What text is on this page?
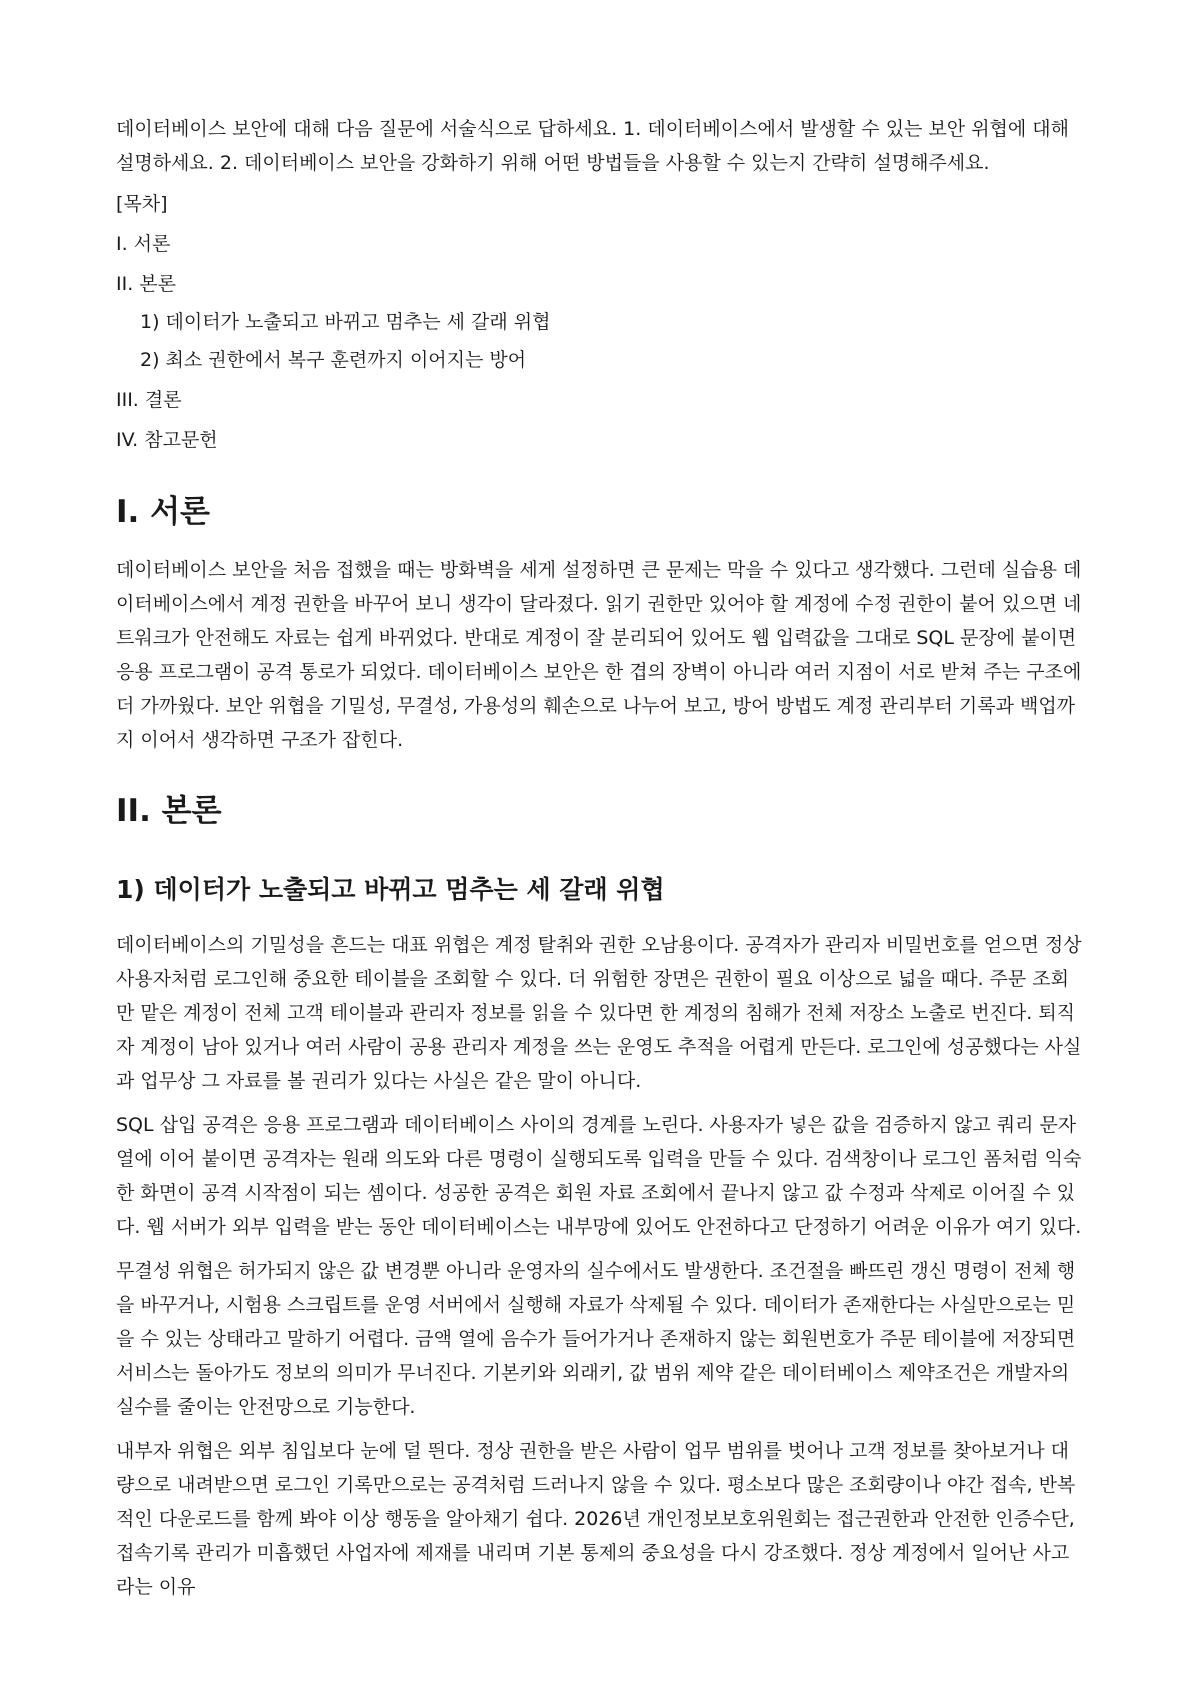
데이터베이스 보안에 대해 다음 질문에 서술식으로 답하세요. 1. 데이터베이스에서 발생할 수 있는 보안 위협에 대해 설명하세요. 2. 데이터베이스 보안을 강화하기 위해 어떤 방법들을 사용할 수 있는지 간략히 설명해주세요.

[목차]

I. 서론

II. 본론

1) 데이터가 노출되고 바뀌고 멈추는 세 갈래 위협

2) 최소 권한에서 복구 훈련까지 이어지는 방어

III. 결론

IV. 참고문헌

I. 서론

데이터베이스 보안을 처음 접했을 때는 방화벽을 세게 설정하면 큰 문제는 막을 수 있다고 생각했다. 그런데 실습용 데이터베이스에서 계정 권한을 바꾸어 보니 생각이 달라졌다. 읽기 권한만 있어야 할 계정에 수정 권한이 붙어 있으면 네트워크가 안전해도 자료는 쉽게 바뀌었다. 반대로 계정이 잘 분리되어 있어도 웹 입력값을 그대로 SQL 문장에 붙이면 응용 프로그램이 공격 통로가 되었다. 데이터베이스 보안은 한 겹의 장벽이 아니라 여러 지점이 서로 받쳐 주는 구조에 더 가까웠다. 보안 위협을 기밀성, 무결성, 가용성의 훼손으로 나누어 보고, 방어 방법도 계정 관리부터 기록과 백업까지 이어서 생각하면 구조가 잡힌다.

II. 본론
1) 데이터가 노출되고 바뀌고 멈추는 세 갈래 위협

데이터베이스의 기밀성을 흔드는 대표 위협은 계정 탈취와 권한 오남용이다. 공격자가 관리자 비밀번호를 얻으면 정상 사용자처럼 로그인해 중요한 테이블을 조회할 수 있다. 더 위험한 장면은 권한이 필요 이상으로 넓을 때다. 주문 조회만 맡은 계정이 전체 고객 테이블과 관리자 정보를 읽을 수 있다면 한 계정의 침해가 전체 저장소 노출로 번진다. 퇴직자 계정이 남아 있거나 여러 사람이 공용 관리자 계정을 쓰는 운영도 추적을 어렵게 만든다. 로그인에 성공했다는 사실과 업무상 그 자료를 볼 권리가 있다는 사실은 같은 말이 아니다.

SQL 삽입 공격은 응용 프로그램과 데이터베이스 사이의 경계를 노린다. 사용자가 넣은 값을 검증하지 않고 쿼리 문자열에 이어 붙이면 공격자는 원래 의도와 다른 명령이 실행되도록 입력을 만들 수 있다. 검색창이나 로그인 폼처럼 익숙한 화면이 공격 시작점이 되는 셈이다. 성공한 공격은 회원 자료 조회에서 끝나지 않고 값 수정과 삭제로 이어질 수 있다. 웹 서버가 외부 입력을 받는 동안 데이터베이스는 내부망에 있어도 안전하다고 단정하기 어려운 이유가 여기 있다.

무결성 위협은 허가되지 않은 값 변경뿐 아니라 운영자의 실수에서도 발생한다. 조건절을 빠뜨린 갱신 명령이 전체 행을 바꾸거나, 시험용 스크립트를 운영 서버에서 실행해 자료가 삭제될 수 있다. 데이터가 존재한다는 사실만으로는 믿을 수 있는 상태라고 말하기 어렵다. 금액 열에 음수가 들어가거나 존재하지 않는 회원번호가 주문 테이블에 저장되면 서비스는 돌아가도 정보의 의미가 무너진다. 기본키와 외래키, 값 범위 제약 같은 데이터베이스 제약조건은 개발자의 실수를 줄이는 안전망으로 기능한다.

내부자 위협은 외부 침입보다 눈에 덜 띈다. 정상 권한을 받은 사람이 업무 범위를 벗어나 고객 정보를 찾아보거나 대량으로 내려받으면 로그인 기록만으로는 공격처럼 드러나지 않을 수 있다. 평소보다 많은 조회량이나 야간 접속, 반복적인 다운로드를 함께 봐야 이상 행동을 알아채기 쉽다. 2026년 개인정보보호위원회는 접근권한과 안전한 인증수단, 접속기록 관리가 미흡했던 사업자에 제재를 내리며 기본 통제의 중요성을 다시 강조했다. 정상 계정에서 일어난 사고라는 이유
